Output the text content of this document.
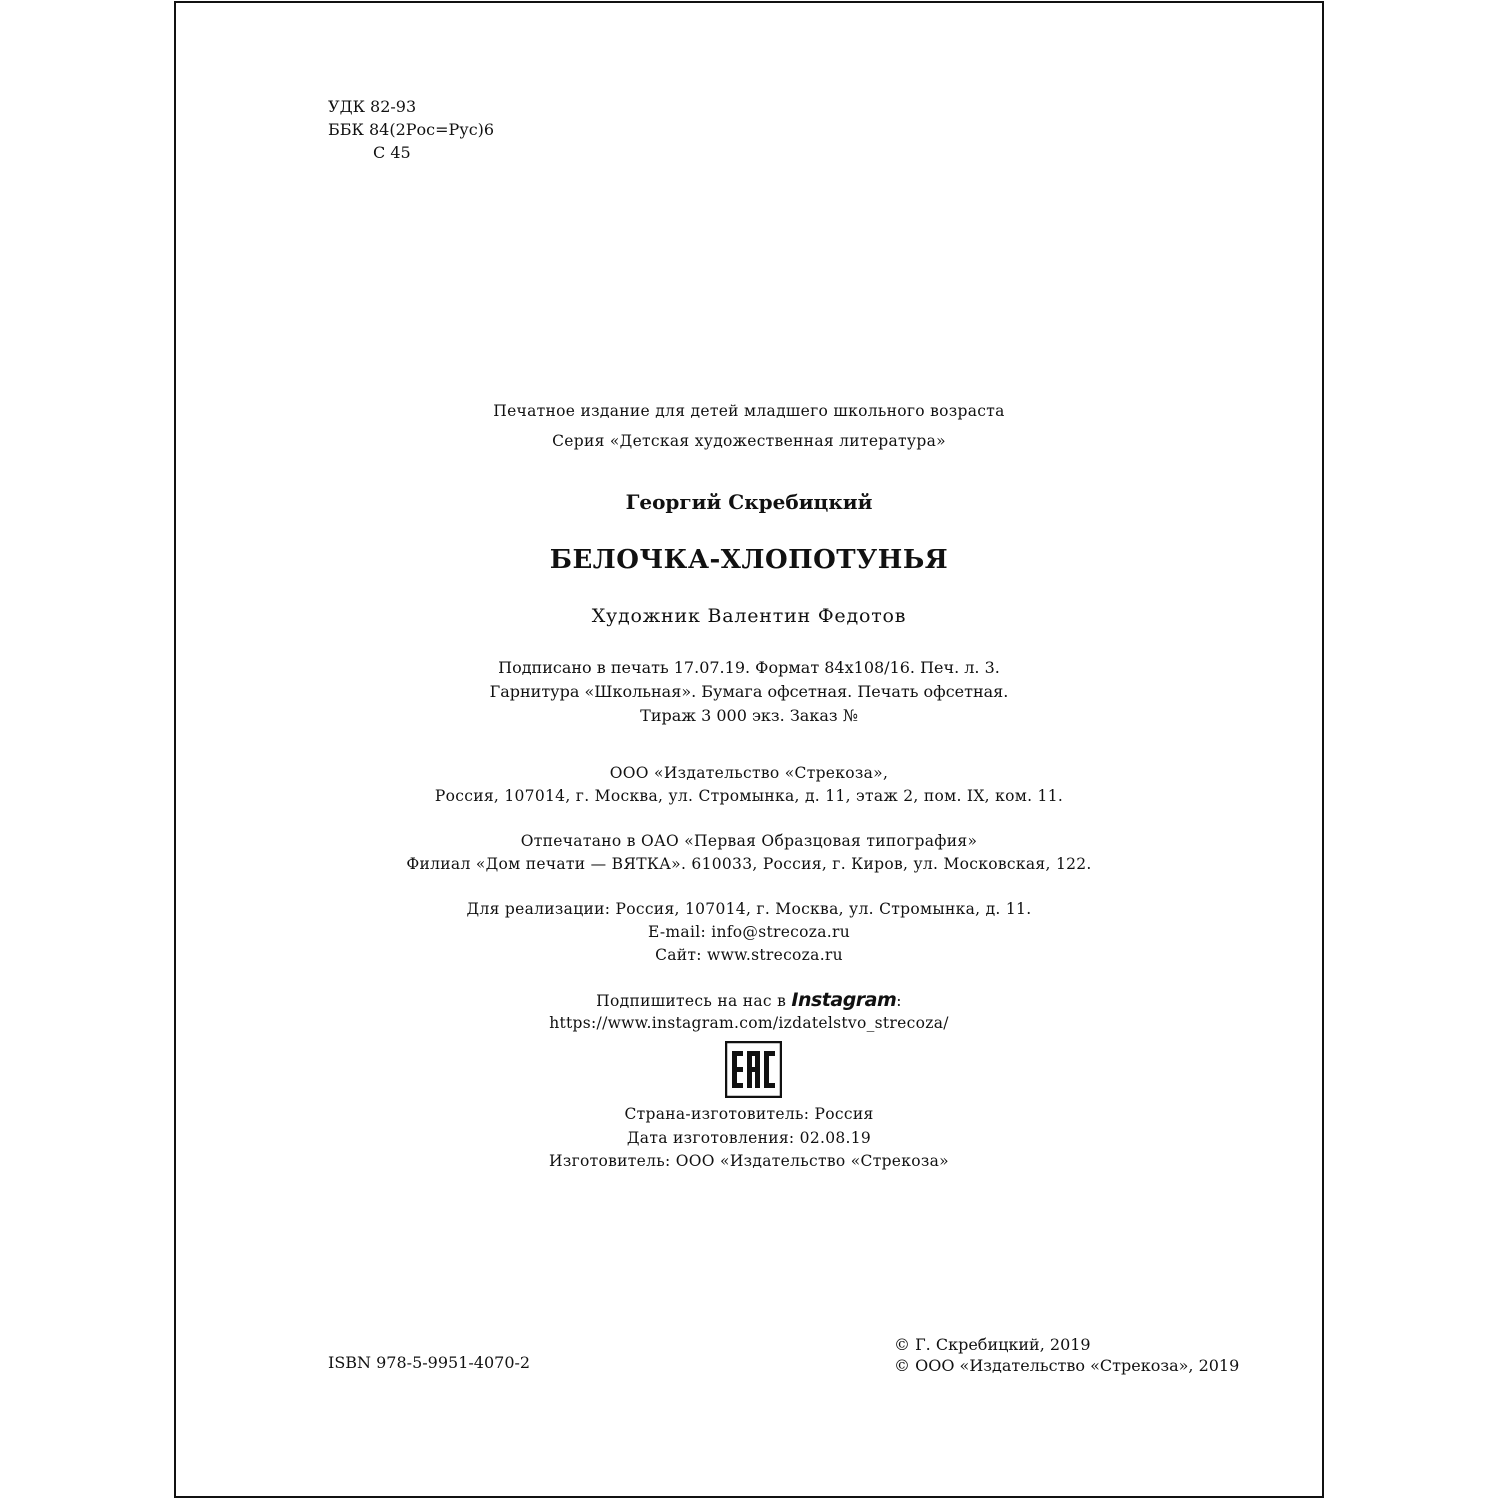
УДК 82-93
ББК 84(2Рос=Рус)6
С 45
Печатное издание для детей младшего школьного возраста
Серия «Детская художественная литература»
Георгий Скребицкий
БЕЛОЧКА-ХЛОПОТУНЬЯ
Художник Валентин Федотов
Подписано в печать 17.07.19. Формат 84х108/16. Печ. л. 3.
Гарнитура «Школьная». Бумага офсетная. Печать офсетная.
Тираж 3 000 экз. Заказ №
ООО «Издательство «Стрекоза»,
Россия, 107014, г. Москва, ул. Стромынка, д. 11, этаж 2, пом. IX, ком. 11.
Отпечатано в ОАО «Первая Образцовая типография»
Филиал «Дом печати — ВЯТКА». 610033, Россия, г. Киров, ул. Московская, 122.
Для реализации: Россия, 107014, г. Москва, ул. Стромынка, д. 11.
E-mail: info@strecoza.ru
Сайт: www.strecoza.ru
Подпишитесь на нас в Instagram:
https://www.instagram.com/izdatelstvo_strecoza/
Страна-изготовитель: Россия
Дата изготовления: 02.08.19
Изготовитель: ООО «Издательство «Стрекоза»
ISBN 978-5-9951-4070-2
© Г. Скребицкий, 2019
© ООО «Издательство «Стрекоза», 2019
